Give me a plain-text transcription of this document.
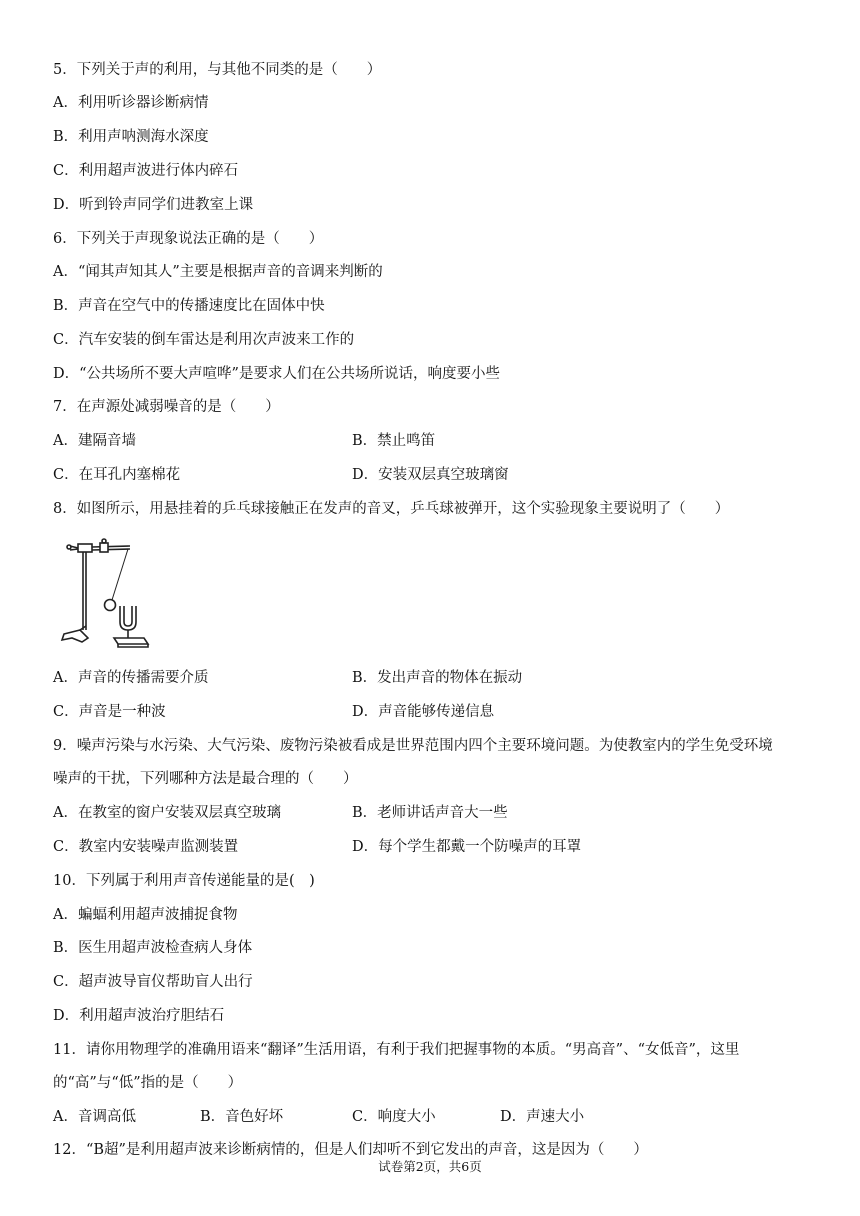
5．下列关于声的利用，与其他不同类的是（　　）
A．利用听诊器诊断病情
B．利用声呐测海水深度
C．利用超声波进行体内碎石
D．听到铃声同学们进教室上课
6．下列关于声现象说法正确的是（　　）
A．“闻其声知其人”主要是根据声音的音调来判断的
B．声音在空气中的传播速度比在固体中快
C．汽车安装的倒车雷达是利用次声波来工作的
D．“公共场所不要大声喧哗”是要求人们在公共场所说话，响度要小些
7．在声源处减弱噪音的是（　　）
A．建隔音墙	B．禁止鸣笛
C．在耳孔内塞棉花	D．安装双层真空玻璃窗
8．如图所示，用悬挂着的乒乓球接触正在发声的音叉，乒乓球被弹开，这个实验现象主要说明了（　　）
A．声音的传播需要介质	B．发出声音的物体在振动
C．声音是一种波	D．声音能够传递信息
9．噪声污染与水污染、大气污染、废物污染被看成是世界范围内四个主要环境问题。为使教室内的学生免受环境
噪声的干扰，下列哪种方法是最合理的（　　）
A．在教室的窗户安装双层真空玻璃	B．老师讲话声音大一些
C．教室内安装噪声监测装置	D．每个学生都戴一个防噪声的耳罩
10．下列属于利用声音传递能量的是(　)
A．蝙蝠利用超声波捕捉食物
B．医生用超声波检查病人身体
C．超声波导盲仪帮助盲人出行
D．利用超声波治疗胆结石
11．请你用物理学的准确用语来“翻译”生活用语，有利于我们把握事物的本质。“男高音”、“女低音”，这里
的“高”与“低”指的是（　　）
A．音调高低	B．音色好坏	C．响度大小	D．声速大小
12．“B超”是利用超声波来诊断病情的，但是人们却听不到它发出的声音，这是因为（　　）
试卷第2页，共6页
